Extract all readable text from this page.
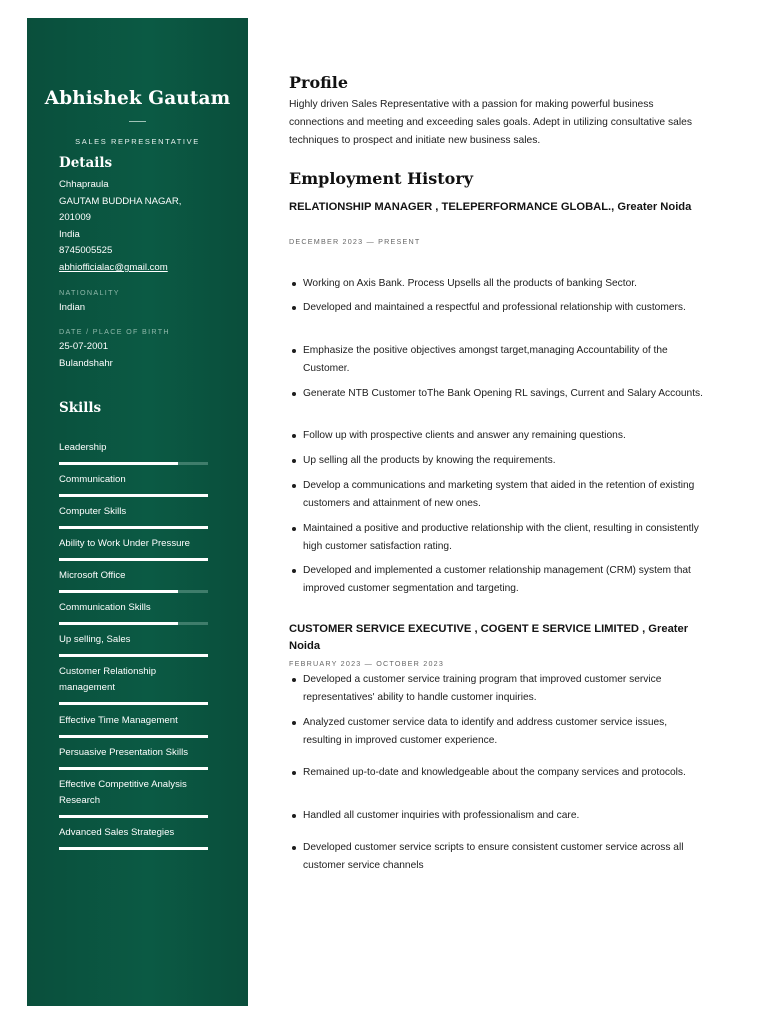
Abhishek Gautam
SALES REPRESENTATIVE
Details
Chhapraula
GAUTAM BUDDHA NAGAR,
201009
India
8745005525
abhiofficialac@gmail.com
NATIONALITY
Indian
DATE / PLACE OF BIRTH
25-07-2001
Bulandshahr
Skills
Leadership
Communication
Computer Skills
Ability to Work Under Pressure
Microsoft Office
Communication Skills
Up selling, Sales
Customer Relationship management
Effective Time Management
Persuasive Presentation Skills
Effective Competitive Analysis Research
Advanced Sales Strategies
Profile
Highly driven Sales Representative with a passion for making powerful business connections and meeting and exceeding sales goals. Adept in utilizing consultative sales techniques to prospect and initiate new business sales.
Employment History
RELATIONSHIP MANAGER , TELEPERFORMANCE GLOBAL., Greater Noida
DECEMBER 2023 — PRESENT
Working on Axis Bank. Process Upsells all the products of banking Sector.
Developed and maintained a respectful and professional relationship with customers.
Emphasize the positive objectives amongst target,managing Accountability of the Customer.
Generate NTB Customer toThe Bank Opening RL savings, Current and Salary Accounts.
Follow up with prospective clients and answer any remaining questions.
Up selling all the products by knowing the requirements.
Develop a communications and marketing system that aided in the retention of existing customers and attainment of new ones.
Maintained a positive and productive relationship with the client, resulting in consistently high customer satisfaction rating.
Developed and implemented a customer relationship management (CRM) system that improved customer segmentation and targeting.
CUSTOMER SERVICE EXECUTIVE , COGENT E SERVICE LIMITED , Greater Noida
FEBRUARY 2023 — OCTOBER 2023
Developed a customer service training program that improved customer service representatives' ability to handle customer inquiries.
Analyzed customer service data to identify and address customer service issues, resulting in improved customer experience.
Remained up-to-date and knowledgeable about the company services and protocols.
Handled all customer inquiries with professionalism and care.
Developed customer service scripts to ensure consistent customer service across all customer service channels
